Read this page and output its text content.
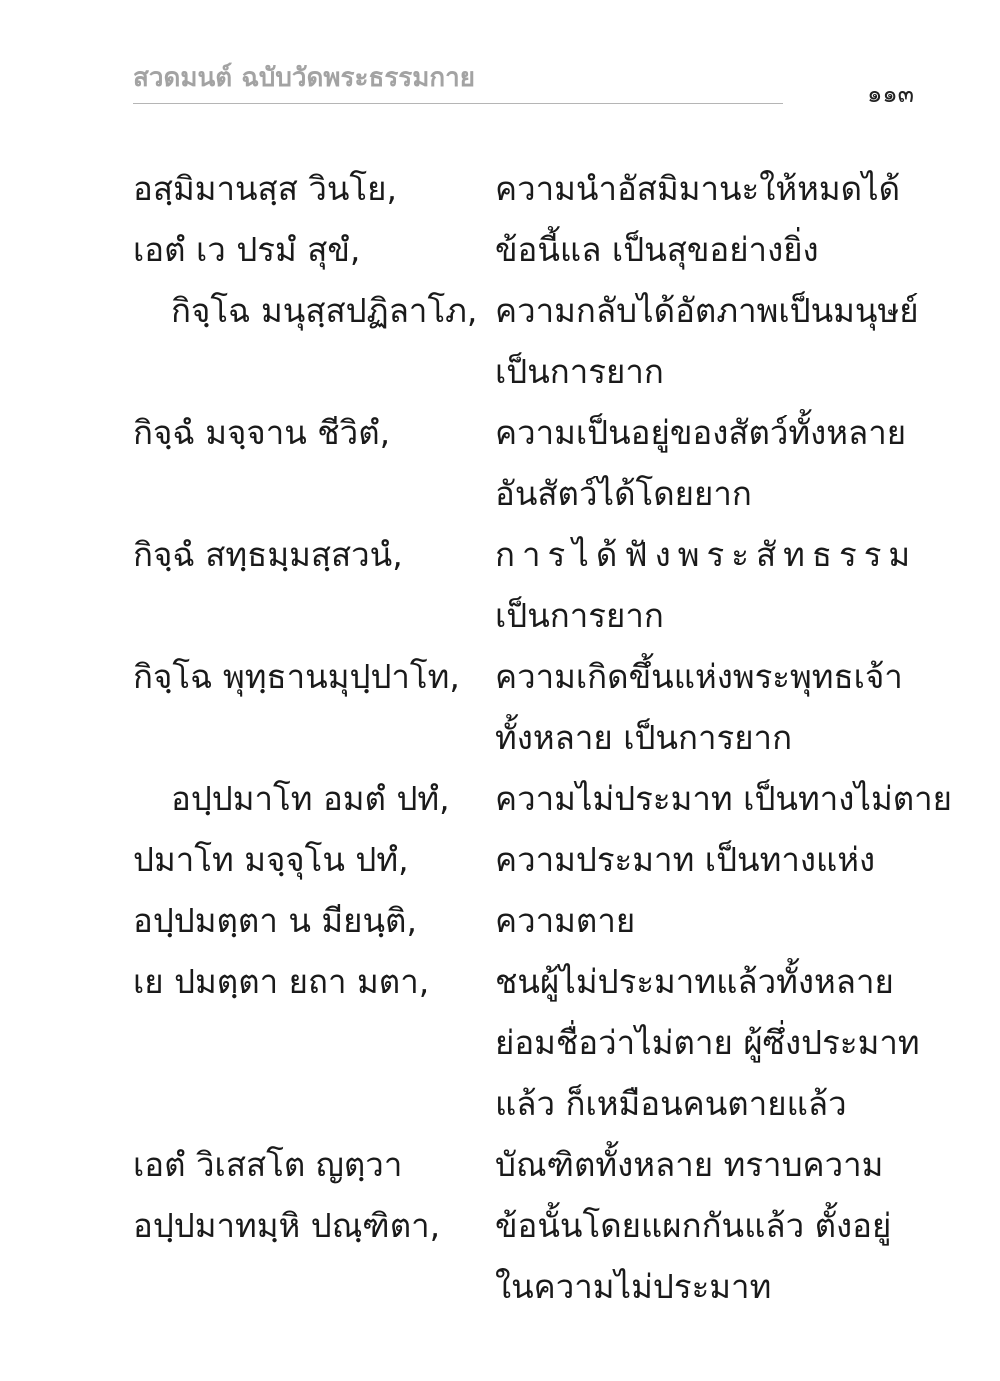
สวดมนต์ ฉบับวัดพระธรรมกาย
๑๑๓
อสฺมิมานสฺส วินโย,	ความนำอัสมิมานะให้หมดได้
เอตํ เว ปรมํ สุขํ,	ข้อนี้แล เป็นสุขอย่างยิ่ง
กิจฺโฉ มนุสฺสปฏิลาโภ, ความกลับได้อัตภาพเป็นมนุษย์
เป็นการยาก
กิจฺฉํ มจฺจาน ชีวิตํ,	ความเป็นอยู่ของสัตว์ทั้งหลาย
อันสัตว์ได้โดยยาก
กิจฺฉํ สทฺธมฺมสฺสวนํ,	การได้ฟังพระสัทธรรม
เป็นการยาก
กิจฺโฉ พุทฺธานมุปฺปาโท,	ความเกิดขึ้นแห่งพระพุทธเจ้า
ทั้งหลาย เป็นการยาก
อปฺปมาโท อมตํ ปทํ,	ความไม่ประมาท เป็นทางไม่ตาย
ปมาโท มจฺจุโน ปทํ,	ความประมาท เป็นทางแห่ง
อปฺปมตฺตา น มียนฺติ,	ความตาย
เย ปมตฺตา ยถา มตา,	ชนผู้ไม่ประมาทแล้วทั้งหลาย
ย่อมชื่อว่าไม่ตาย ผู้ซึ่งประมาท
แล้ว ก็เหมือนคนตายแล้ว
เอตํ วิเสสโต ญตฺวา	บัณฑิตทั้งหลาย ทราบความ
อปฺปมาทมฺหิ ปณฺฑิตา,	ข้อนั้นโดยแผกกันแล้ว ตั้งอยู่
ในความไม่ประมาท
